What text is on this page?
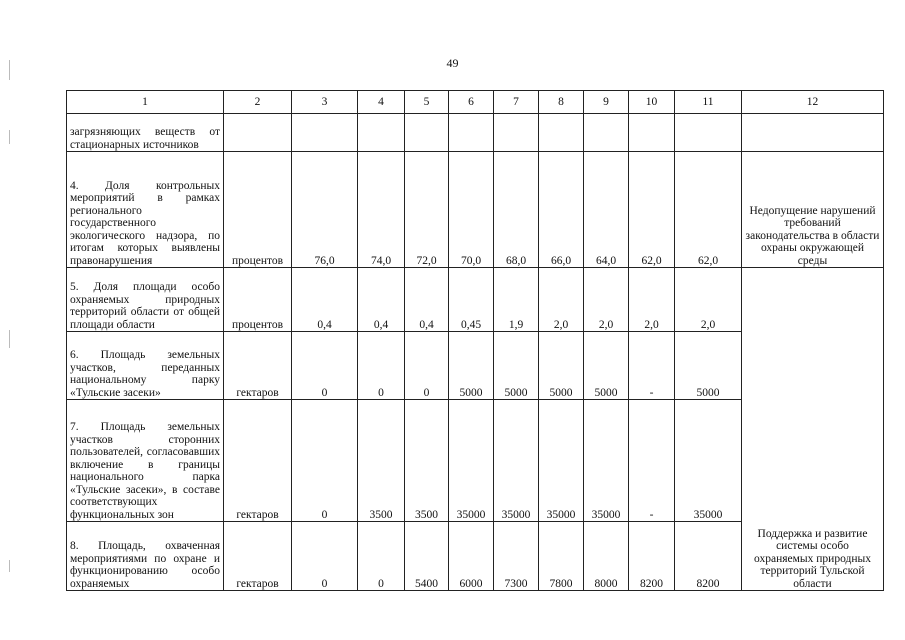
49
1	2	3	4	5	6	7	8	9	10	11	12	
загрязняющих веществ от стационарных источников												
4. Доля контрольных мероприятий в рамках регионального государственного экологического надзора, по итогам которых выявлены правонарушения	процентов	76,0	74,0	72,0	70,0	68,0	66,0	64,0	62,0	62,0	Недопущение нарушений требований законодательства в области охраны окружающей среды	
5. Доля площади особо охраняемых природных территорий области от общей площади области	процентов	0,4	0,4	0,4	0,45	1,9	2,0	2,0	2,0	2,0	Поддержка и развитие системы особо охраняемых природных территорий Тульской области	
6. Площадь земельных участков, переданных национальному парку «Тульские засеки»	гектаров	0	0	0	5000	5000	5000	5000	-	5000		
7. Площадь земельных участков сторонних пользователей, согласовавших включение в границы национального парка «Тульские засеки», в составе соответствующих функциональных зон	гектаров	0	3500	3500	35000	35000	35000	35000	-	35000		
8. Площадь, охваченная мероприятиями по охране и функционированию особо охраняемых	гектаров	0	0	5400	6000	7300	7800	8000	8200	8200		
